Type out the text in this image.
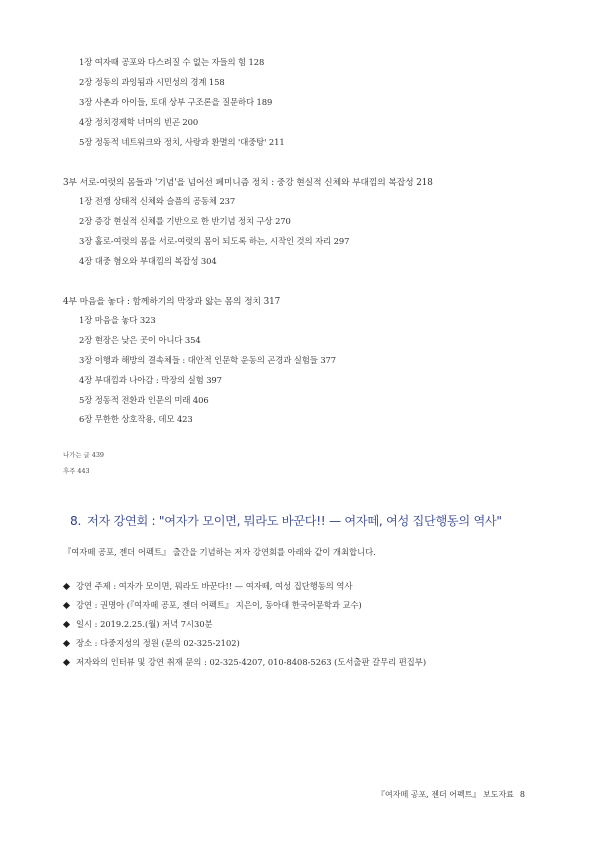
1장 여자때 공포와 다스려질 수 없는 자들의 힘 128
2장 정동의 과잉됨과 시민성의 경계 158
3장 사촌과 아이들, 토대 상부 구조론을 질문하다 189
4장 정치경제학 너머의 빈곤 200
5장 정동적 네트워크와 정치, 사랑과 환멸의 '대중탕' 211
3부 서로-여럿의 몸들과 '기념'을 넘어선 페미니즘 정치 : 중강 현실적 신체와 부대낌의 복잡성 218
1장 전쟁 상태적 신체와 슬픔의 공동체 237
2장 증강 현실적 신체를 기반으로 한 반기념 정치 구상 270
3장 홀로-여럿의 몸을 서로-여럿의 몸이 되도록 하는, 시작인 것의 자리 297
4장 대중 혐오와 부대낌의 복잡성 304
4부 마음을 놓다 : 함께하기의 막장과 앓는 몸의 정치 317
1장 마음을 놓다 323
2장 현장은 낮은 곳이 아니다 354
3장 이행과 해방의 결속체들 : 대안적 인문학 운동의 곤경과 실험들 377
4장 부대낌과 나아감 : 막장의 실험 397
5장 정동적 전환과 인문의 미래 406
6장 무한한 상호작용, 데모 423
나가는 글 439
후주 443
8. 저자 강연회 : "여자가 모이면, 뭐라도 바꾼다!! — 여자떼, 여성 집단행동의 역사"
『여자떼 공포, 젠더 어펙트』 출간을 기념하는 저자 강연회를 아래와 같이 개최합니다.
강연 주제 : 여자가 모이면, 뭐라도 바꾼다!! — 여자떼, 여성 집단행동의 역사
강연 : 권명아 (『여자떼 공포, 젠더 어펙트』 지은이, 동아대 한국어문학과 교수)
일시 : 2019.2.25.(월) 저녁 7시30분
장소 : 다중지성의 정원 (문의 02-325-2102)
저자와의 인터뷰 및 강연 취재 문의 : 02-325-4207, 010-8408-5263 (도서출판 갈무리 편집부)
『여자떼 공포, 젠더 어펙트』 보도자료 8
